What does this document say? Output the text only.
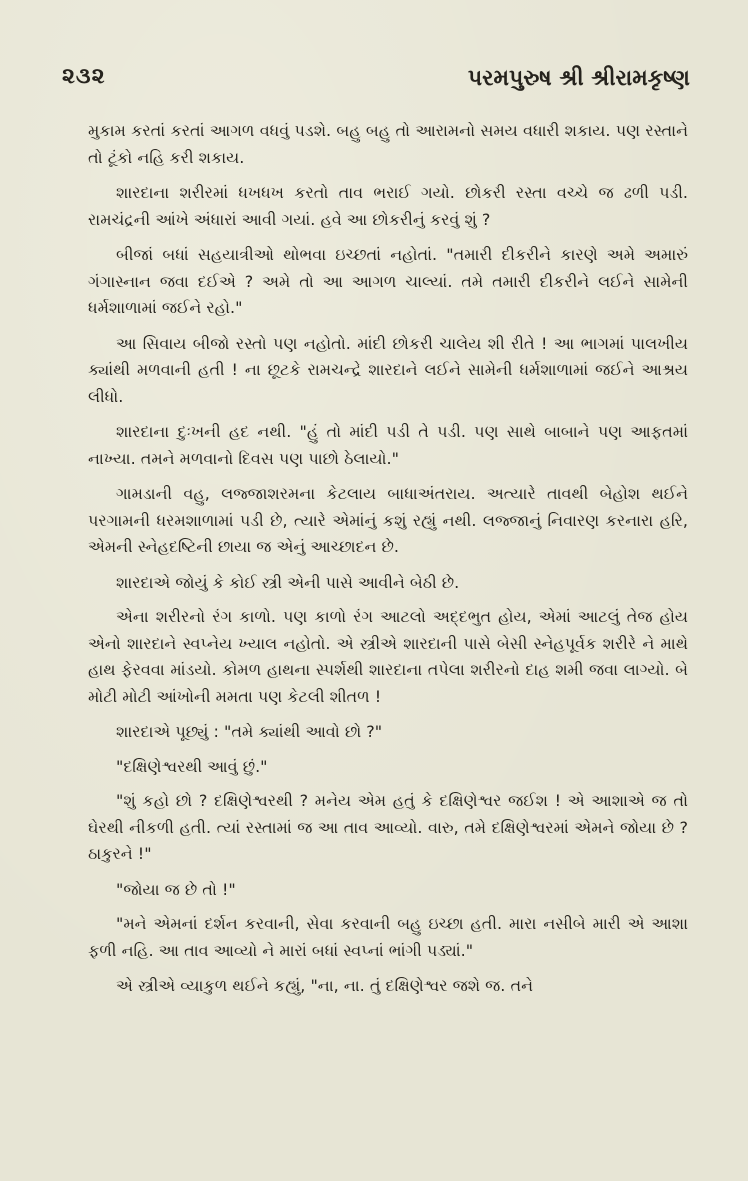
૨૩૨	પરમપુરુષ શ્રી શ્રીરામકૃષ્ણ

મુકામ કરતાં કરતાં આગળ વધવું પડશે. બહુ બહુ તો આરામનો સમય વધારી શકાય. પણ રસ્તાને તો ટૂંકો નહિ કરી શકાય.

શારદાના શરીરમાં ધખધખ કરતો તાવ ભરાઈ ગયો. છોકરી રસ્તા વચ્ચે જ ઢળી પડી. રામચંદ્રની આંખે અંધારાં આવી ગયાં. હવે આ છોકરીનું કરવું શું ?

બીજાં બધાં સહયાત્રીઓ થોભવા ઇચ્છતાં નહોતાં. "તમારી દીકરીને કારણે અમે અમારું ગંગાસ્નાન જવા દઈએ ? અમે તો આ આગળ ચાલ્યાં. તમે તમારી દીકરીને લઈને સામેની ધર્મશાળામાં જઈને રહો."

આ સિવાય બીજો રસ્તો પણ નહોતો. માંદી છોકરી ચાલેય શી રીતે ! આ ભાગમાં પાલખીય ક્યાંથી મળવાની હતી ! ના છૂટકે રામચન્દ્રે શારદાને લઈને સામેની ધર્મશાળામાં જઈને આશ્રય લીધો.

શારદાના દુઃખની હદ નથી. "હું તો માંદી પડી તે પડી. પણ સાથે બાબાને પણ આફતમાં નાખ્યા. તમને મળવાનો દિવસ પણ પાછો ઠેલાયો."

ગામડાની વહુ, લજ્જાશરમના કેટલાય બાધાઅંતરાય. અત્યારે તાવથી બેહોશ થઈને પરગામની ધરમશાળામાં પડી છે, ત્યારે એમાંનું કશું રહ્યું નથી. લજ્જાનું નિવારણ કરનારા હરિ, એમની સ્નેહદષ્ટિની છાયા જ એનું આચ્છાદન છે.

શારદાએ જોયું કે કોઈ સ્ત્રી એની પાસે આવીને બેઠી છે.

એના શરીરનો રંગ કાળો. પણ કાળો રંગ આટલો અદ્દભુત હોય, એમાં આટલું તેજ હોય એનો શારદાને સ્વપ્નેય ખ્યાલ નહોતો. એ સ્ત્રીએ શારદાની પાસે બેસી સ્નેહપૂર્વક શરીરે ને માથે હાથ ફેરવવા માંડયો. કોમળ હાથના સ્પર્શથી શારદાના તપેલા શરીરનો દાહ શમી જવા લાગ્યો. બે મોટી મોટી આંખોની મમતા પણ કેટલી શીતળ !

શારદાએ પૂછ્યું : "તમે ક્યાંથી આવો છો ?"

"દક્ષિણેશ્વરથી આવું છું."

"શું કહો છો ? દક્ષિણેશ્વરથી ? મનેય એમ હતું કે દક્ષિણેશ્વર જઈશ ! એ આશાએ જ તો ઘેરથી નીકળી હતી. ત્યાં રસ્તામાં જ આ તાવ આવ્યો. વારુ, તમે દક્ષિણેશ્વરમાં એમને જોયા છે ? ઠાકુરને !"

"જોયા જ છે તો !"

"મને એમનાં દર્શન કરવાની, સેવા કરવાની બહુ ઇચ્છા હતી. મારા નસીબે મારી એ આશા ફળી નહિ. આ તાવ આવ્યો ને મારાં બધાં સ્વપ્નાં ભાંગી પડ્યાં."

એ સ્ત્રીએ વ્યાકુળ થઈને કહ્યું, "ના, ના. તું દક્ષિણેશ્વર જશે જ. તને
